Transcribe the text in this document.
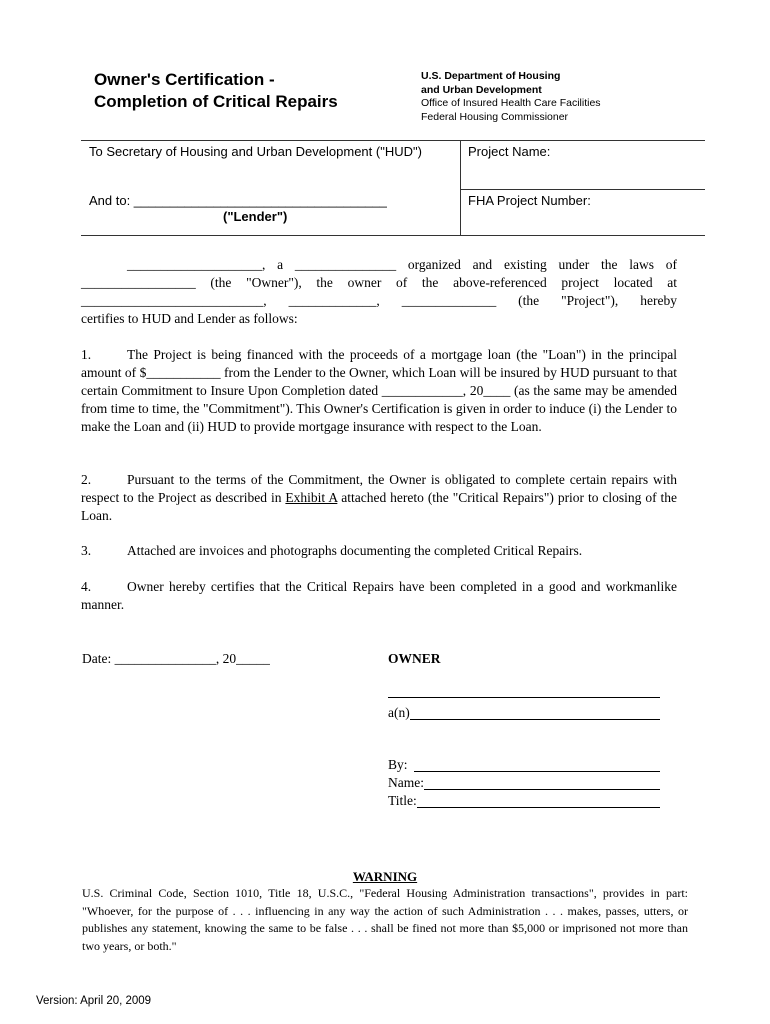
Owner's Certification -
Completion of Critical Repairs
U.S. Department of Housing
and Urban Development
Office of Insured Health Care Facilities
Federal Housing Commissioner
To Secretary of Housing and Urban Development ("HUD")
And to: ___________________________________
("Lender")
Project Name:
FHA Project Number:
____________________, a _______________ organized and existing under the laws of
_________________ (the "Owner"), the owner of the above-referenced project located at
___________________________, _____________, ______________ (the "Project"), hereby
certifies to HUD and Lender as follows:
1.	The Project is being financed with the proceeds of a mortgage loan (the "Loan") in the principal amount of $___________ from the Lender to the Owner, which Loan will be insured by HUD pursuant to that certain Commitment to Insure Upon Completion dated ____________, 20____ (as the same may be amended from time to time, the "Commitment"). This Owner's Certification is given in order to induce (i) the Lender to make the Loan and (ii) HUD to provide mortgage insurance with respect to the Loan.
2.	Pursuant to the terms of the Commitment, the Owner is obligated to complete certain repairs with respect to the Project as described in Exhibit A attached hereto (the "Critical Repairs") prior to closing of the Loan.
3.	Attached are invoices and photographs documenting the completed Critical Repairs.
4.	Owner hereby certifies that the Critical Repairs have been completed in a good and workmanlike manner.
Date: _______________, 20_____	OWNER
a(n)
By:
Name:
Title:
WARNING
U.S. Criminal Code, Section 1010, Title 18, U.S.C., "Federal Housing Administration transactions", provides in part: "Whoever, for the purpose of . . . influencing in any way the action of such Administration . . . makes, passes, utters, or publishes any statement, knowing the same to be false . . . shall be fined not more than $5,000 or imprisoned not more than two years, or both."
Version: April 20, 2009
